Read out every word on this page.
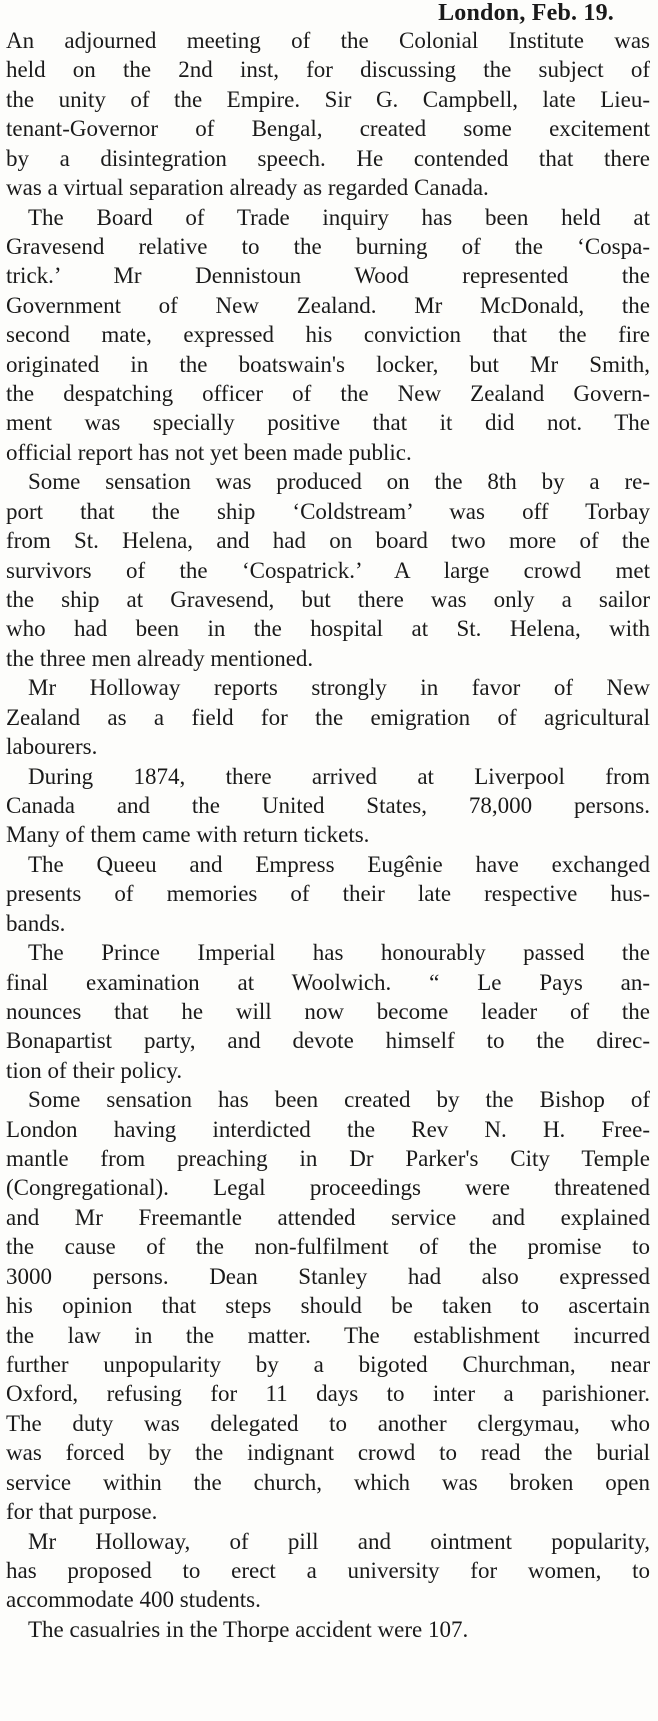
London, Feb. 19.
An adjourned meeting of the Colonial Institute was
held on the 2nd inst, for discussing the subject of
the unity of the Empire. Sir G. Campbell, late Lieu-
tenant-Governor of Bengal, created some excitement
by a disintegration speech. He contended that there
was a virtual separation already as regarded Canada.
The Board of Trade inquiry has been held at
Gravesend relative to the burning of the ‘Cospa-
trick.’ Mr Dennistoun Wood represented the
Government of New Zealand. Mr McDonald, the
second mate, expressed his conviction that the fire
originated in the boatswain's locker, but Mr Smith,
the despatching officer of the New Zealand Govern-
ment was specially positive that it did not. The
official report has not yet been made public.
Some sensation was produced on the 8th by a re-
port that the ship ‘Coldstream’ was off Torbay
from St. Helena, and had on board two more of the
survivors of the ‘Cospatrick.’ A large crowd met
the ship at Gravesend, but there was only a sailor
who had been in the hospital at St. Helena, with
the three men already mentioned.
Mr Holloway reports strongly in favor of New
Zealand as a field for the emigration of agricultural
labourers.
During 1874, there arrived at Liverpool from
Canada and the United States, 78,000 persons.
Many of them came with return tickets.
The Queeu and Empress Eugênie have exchanged
presents of memories of their late respective hus-
bands.
The Prince Imperial has honourably passed the
final examination at Woolwich. “ Le Pays an-
nounces that he will now become leader of the
Bonapartist party, and devote himself to the direc-
tion of their policy.
Some sensation has been created by the Bishop of
London having interdicted the Rev N. H. Free-
mantle from preaching in Dr Parker's City Temple
(Congregational). Legal proceedings were threatened
and Mr Freemantle attended service and explained
the cause of the non-fulfilment of the promise to
3000 persons. Dean Stanley had also expressed
his opinion that steps should be taken to ascertain
the law in the matter. The establishment incurred
further unpopularity by a bigoted Churchman, near
Oxford, refusing for 11 days to inter a parishioner.
The duty was delegated to another clergymau, who
was forced by the indignant crowd to read the burial
service within the church, which was broken open
for that purpose.
Mr Holloway, of pill and ointment popularity,
has proposed to erect a university for women, to
accommodate 400 students.
The casualries in the Thorpe accident were 107.
